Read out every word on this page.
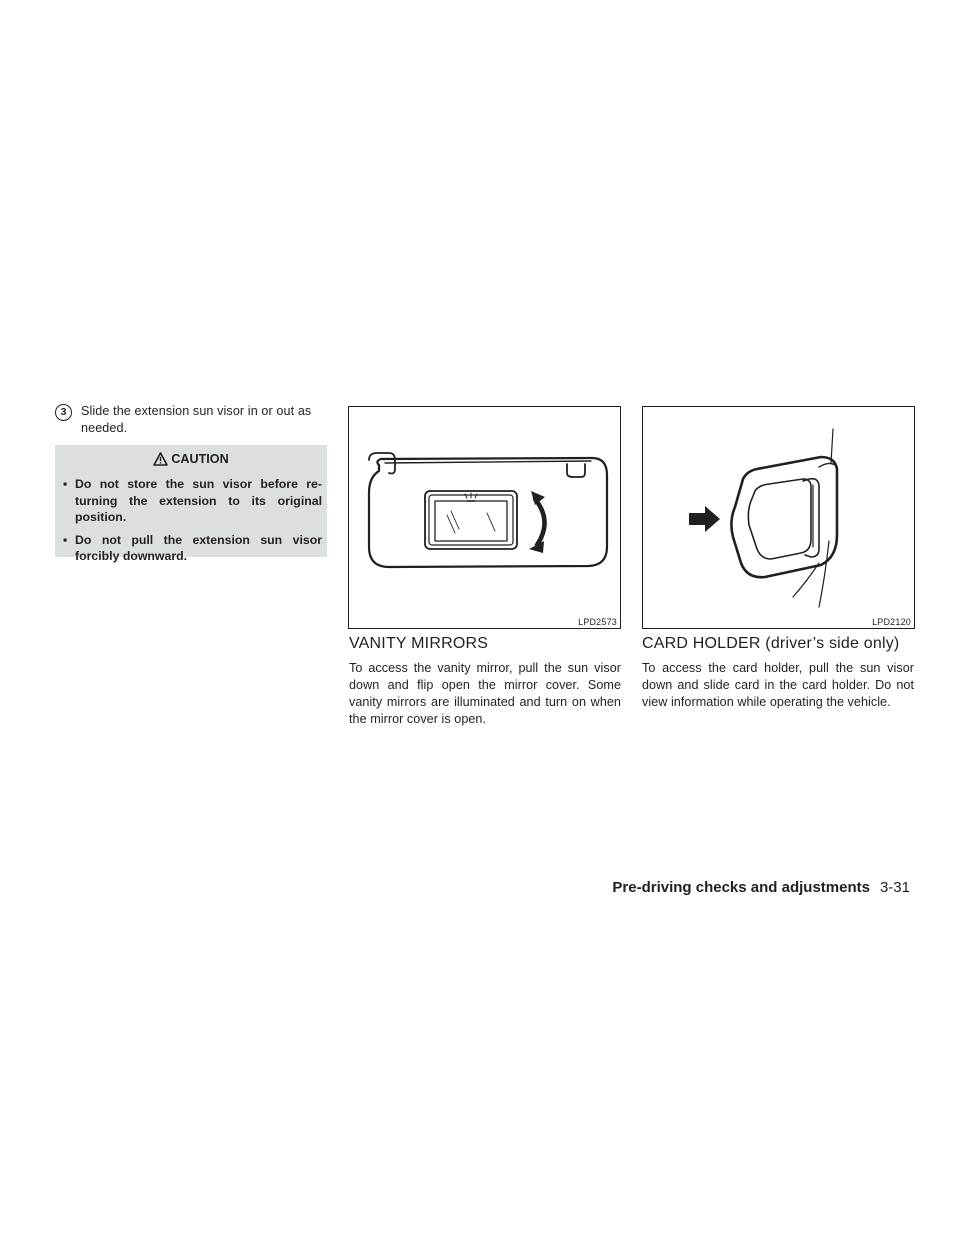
3	Slide the extension sun visor in or out as needed.
CAUTION
▪ Do not store the sun visor before re- turning the extension to its original position.
▪ Do not pull the extension sun visor forcibly downward.
LPD2573	LPD2120
VANITY MIRRORS
To access the vanity mirror, pull the sun visor down and flip open the mirror cover. Some vanity mirrors are illuminated and turn on when the mirror cover is open.
CARD HOLDER (driver’s side only)
To access the card holder, pull the sun visor down and slide card in the card holder. Do not view information while operating the vehicle.
Pre-driving checks and adjustments 3-31
